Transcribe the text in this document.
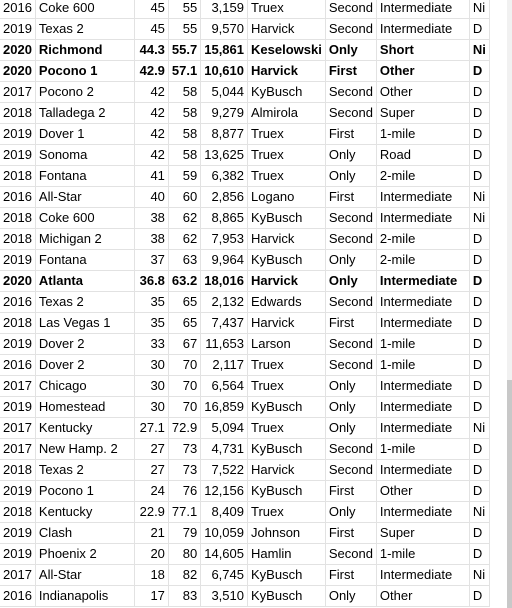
2016	Coke 600	45	55	3,159	Truex	Second	Intermediate	Ni
2019	Texas 2	45	55	9,570	Harvick	Second	Intermediate	D
2020	Richmond	44.3	55.7	15,861	Keselowski	Only	Short	Ni
2020	Pocono 1	42.9	57.1	10,610	Harvick	First	Other	D
2017	Pocono 2	42	58	5,044	KyBusch	Second	Other	D
2018	Talladega 2	42	58	9,279	Almirola	Second	Super	D
2019	Dover 1	42	58	8,877	Truex	First	1-mile	D
2019	Sonoma	42	58	13,625	Truex	Only	Road	D
2018	Fontana	41	59	6,382	Truex	Only	2-mile	D
2016	All-Star	40	60	2,856	Logano	First	Intermediate	Ni
2018	Coke 600	38	62	8,865	KyBusch	Second	Intermediate	Ni
2018	Michigan 2	38	62	7,953	Harvick	Second	2-mile	D
2019	Fontana	37	63	9,964	KyBusch	Only	2-mile	D
2020	Atlanta	36.8	63.2	18,016	Harvick	Only	Intermediate	D
2016	Texas 2	35	65	2,132	Edwards	Second	Intermediate	D
2018	Las Vegas 1	35	65	7,437	Harvick	First	Intermediate	D
2019	Dover 2	33	67	11,653	Larson	Second	1-mile	D
2016	Dover 2	30	70	2,117	Truex	Second	1-mile	D
2017	Chicago	30	70	6,564	Truex	Only	Intermediate	D
2019	Homestead	30	70	16,859	KyBusch	Only	Intermediate	D
2017	Kentucky	27.1	72.9	5,094	Truex	Only	Intermediate	Ni
2017	New Hamp. 2	27	73	4,731	KyBusch	Second	1-mile	D
2018	Texas 2	27	73	7,522	Harvick	Second	Intermediate	D
2019	Pocono 1	24	76	12,156	KyBusch	First	Other	D
2018	Kentucky	22.9	77.1	8,409	Truex	Only	Intermediate	Ni
2019	Clash	21	79	10,059	Johnson	First	Super	D
2019	Phoenix 2	20	80	14,605	Hamlin	Second	1-mile	D
2017	All-Star	18	82	6,745	KyBusch	First	Intermediate	Ni
2016	Indianapolis	17	83	3,510	KyBusch	Only	Other	D
